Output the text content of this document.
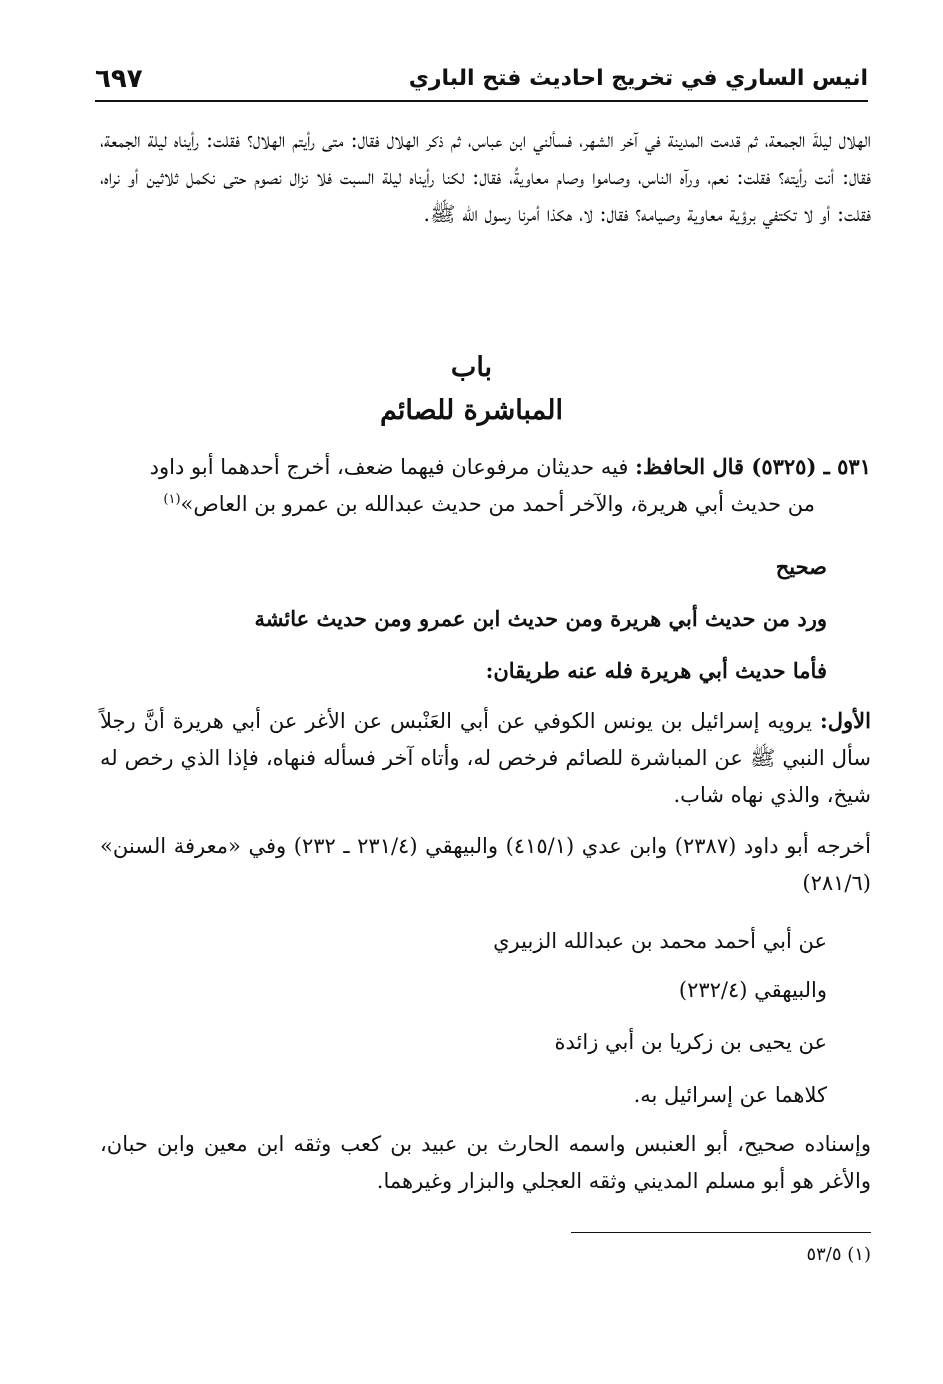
انيس الساري في تخريج احاديث فتح الباري
٦٩٧
الهلال ليلةَ الجمعة، ثم قدمت المدينة في آخر الشهر، فسألني ابن عباس، ثم ذكر الهلال فقال: متى رأيتم الهلال؟ فقلت: رأيناه ليلة الجمعة، فقال: أنت رأيته؟ فقلت: نعم، ورآه الناس، وصاموا وصام معاويةُ، فقال: لكنا رأيناه ليلة السبت فلا نزال نصوم حتى نكمل ثلاثين أو نراه، فقلت: أو لا تكتفي برؤية معاوية وصيامه؟ فقال: لا، هكذا أمرنا رسول الله ﷺ.
باب
المباشرة للصائم
٥٣١ ـ (٥٣٢٥) قال الحافظ: فيه حديثان مرفوعان فيهما ضعف، أخرج أحدهما أبو داود
من حديث أبي هريرة، والآخر أحمد من حديث عبدالله بن عمرو بن العاص»$^{(١)}$
صحيح
ورد من حديث أبي هريرة ومن حديث ابن عمرو ومن حديث عائشة
فأما حديث أبي هريرة فله عنه طريقان:
الأول: يرويه إسرائيل بن يونس الكوفي عن أبي العَنْبس عن الأغر عن أبي هريرة أنَّ رجلاً سأل النبي ﷺ عن المباشرة للصائم فرخص له، وأتاه آخر فسأله فنهاه، فإذا الذي رخص له شيخ، والذي نهاه شاب.
أخرجه أبو داود (٢٣٨٧) وابن عدي (٤١٥/١) والبيهقي (٢٣١/٤ ـ ٢٣٢) وفي «معرفة السنن» (٢٨١/٦)
عن أبي أحمد محمد بن عبدالله الزبيري
والبيهقي (٢٣٢/٤)
عن يحيى بن زكريا بن أبي زائدة
كلاهما عن إسرائيل به.
وإسناده صحيح، أبو العنبس واسمه الحارث بن عبيد بن كعب وثقه ابن معين وابن حبان، والأغر هو أبو مسلم المديني وثقه العجلي والبزار وغيرهما.
(١) ٥٣/٥
